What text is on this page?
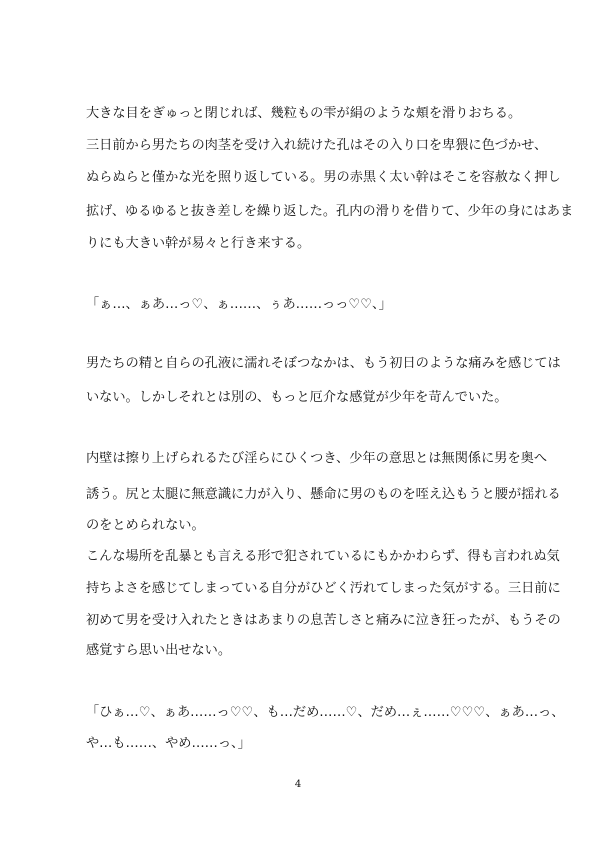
大きな目をぎゅっと閉じれば、幾粒もの雫が絹のような頬を滑りおちる。
三日前から男たちの肉茎を受け入れ続けた孔はその入り口を卑猥に色づかせ、
ぬらぬらと僅かな光を照り返している。男の赤黒く太い幹はそこを容赦なく押し
拡げ、ゆるゆると抜き差しを繰り返した。孔内の滑りを借りて、少年の身にはあま
りにも大きい幹が易々と行き来する。
「ぁ…、ぁあ…っ♡、ぁ……、ぅあ……っっ♡♡、」
男たちの精と自らの孔液に濡れそぼつなかは、もう初日のような痛みを感じては
いない。しかしそれとは別の、もっと厄介な感覚が少年を苛んでいた。
内壁は擦り上げられるたび淫らにひくつき、少年の意思とは無関係に男を奥へ
誘う。尻と太腿に無意識に力が入り、懸命に男のものを咥え込もうと腰が揺れる
のをとめられない。
こんな場所を乱暴とも言える形で犯されているにもかかわらず、得も言われぬ気
持ちよさを感じてしまっている自分がひどく汚れてしまった気がする。三日前に
初めて男を受け入れたときはあまりの息苦しさと痛みに泣き狂ったが、もうその
感覚すら思い出せない。
「ひぁ…♡、ぁあ……っ♡♡、も…だめ……♡、だめ…ぇ……♡♡♡、ぁあ…っ、
や…も……、やめ……っ、」
4
